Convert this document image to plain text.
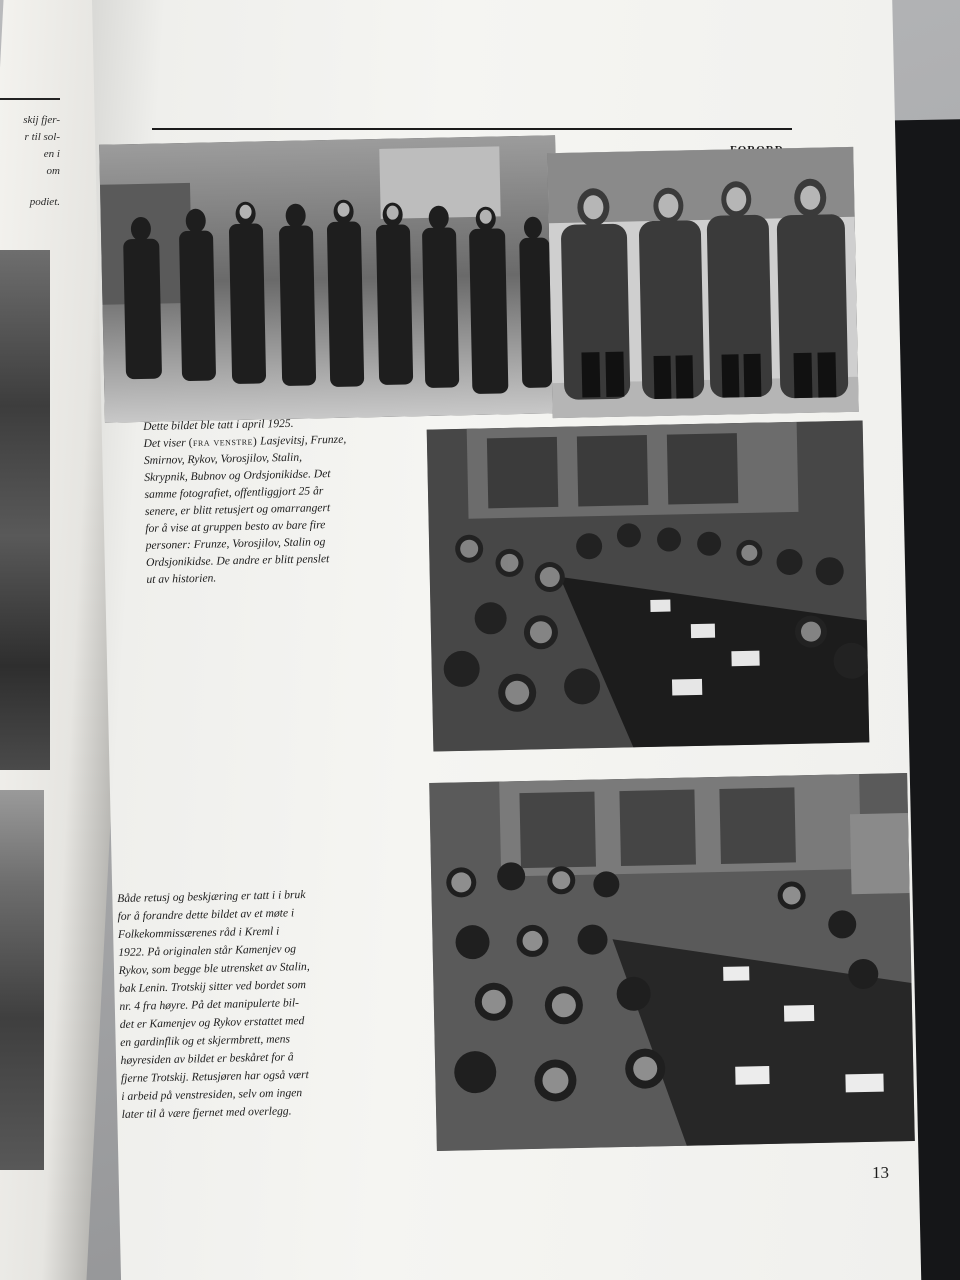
skij fjer-
r til sol-
en i
om
podiet.
Dette bildet ble tatt i april 1925.
Det viser (fra venstre) Lasjevitsj, Frunze,
Smirnov, Rykov, Vorosjilov, Stalin,
Skrypnik, Bubnov og Ordsjonikidse. Det
samme fotografiet, offentliggjort 25 år
senere, er blitt retusjert og omarrangert
for å vise at gruppen besto av bare fire
personer: Frunze, Vorosjilov, Stalin og
Ordsjonikidse. De andre er blitt penslet
ut av historien.
Både retusj og beskjæring er tatt i i bruk
for å forandre dette bildet av et møte i
Folkekommissærenes råd i Kreml i
1922. På originalen står Kamenjev og
Rykov, som begge ble utrensket av Stalin,
bak Lenin. Trotskij sitter ved bordet som
nr. 4 fra høyre. På det manipulerte bil-
det er Kamenjev og Rykov erstattet med
en gardinflik og et skjermbrett, mens
høyresiden av bildet er beskåret for å
fjerne Trotskij. Retusjøren har også vært
i arbeid på venstresiden, selv om ingen
later til å være fjernet med overlegg.
13
